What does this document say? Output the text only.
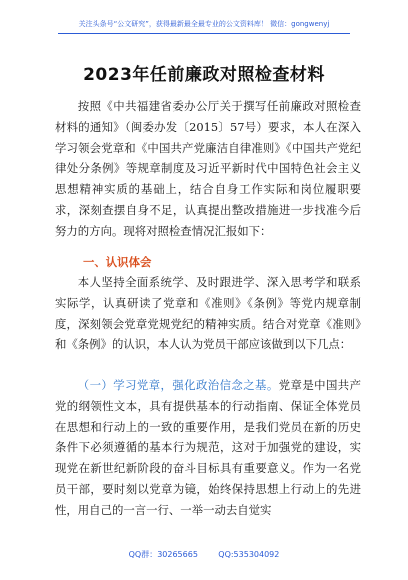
关注头条号“公文研究”，获得最新最全最专业的公文资料库！ 微信：gongwenyj
2023年任前廉政对照检查材料

按照《中共福建省委办公厅关于撰写任前廉政对照检查材料的通知》（闽委办发〔2015〕57号）要求，本人在深入学习领会党章和《中国共产党廉洁自律准则》《中国共产党纪律处分条例》等规章制度及习近平新时代中国特色社会主义思想精神实质的基础上，结合自身工作实际和岗位履职要求，深刻查摆自身不足，认真提出整改措施进一步找准今后努力的方向。现将对照检查情况汇报如下：

一、认识体会

本人坚持全面系统学、及时跟进学、深入思考学和联系实际学，认真研读了党章和《准则》《条例》等党内规章制度，深刻领会党章党规党纪的精神实质。结合对党章《准则》和《条例》的认识，本人认为党员干部应该做到以下几点：

（一）学习党章，强化政治信念之基。党章是中国共产党的纲领性文本，具有提供基本的行动指南、保证全体党员在思想和行动上的一致的重要作用，是我们党员在新的历史条件下必须遵循的基本行为规范，这对于加强党的建设，实现党在新世纪新阶段的奋斗目标具有重要意义。作为一名党员干部，要时刻以党章为镜，始终保持思想上行动上的先进性，用自己的一言一行、一举一动去自觉实

QQ群：30265665	QQ:535304092
